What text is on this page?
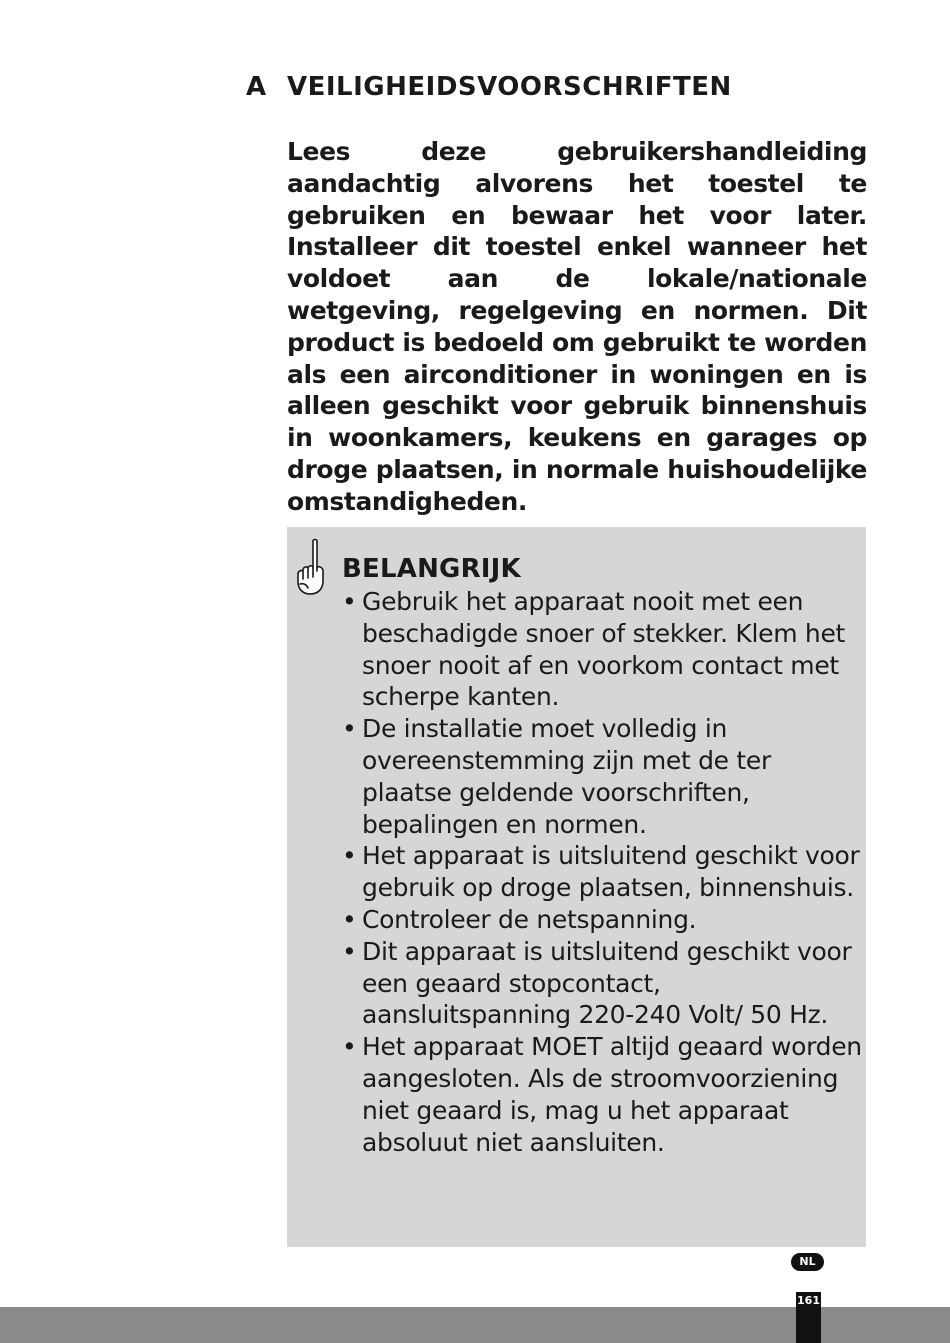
A VEILIGHEIDSVOORSCHRIFTEN

Lees deze gebruikershandleiding aandachtig alvorens het toestel te gebruiken en bewaar het voor later. Installeer dit toestel enkel wanneer het voldoet aan de lokale/nationale wetgeving, regelgeving en normen. Dit product is bedoeld om gebruikt te worden als een airconditioner in woningen en is alleen geschikt voor gebruik binnenshuis in woonkamers, keukens en garages op droge plaatsen, in normale huishoudelijke omstandigheden.

BELANGRIJK
• Gebruik het apparaat nooit met een beschadigde snoer of stekker. Klem het snoer nooit af en voorkom contact met scherpe kanten.
• De installatie moet volledig in overeenstemming zijn met de ter plaatse geldende voorschriften, bepalingen en normen.
• Het apparaat is uitsluitend geschikt voor gebruik op droge plaatsen, binnenshuis.
• Controleer de netspanning.
• Dit apparaat is uitsluitend geschikt voor een geaard stopcontact, aansluitspanning 220-240 Volt/ 50 Hz.
• Het apparaat MOET altijd geaard worden aangesloten. Als de stroomvoorziening niet geaard is, mag u het apparaat absoluut niet aansluiten.
NL
161
